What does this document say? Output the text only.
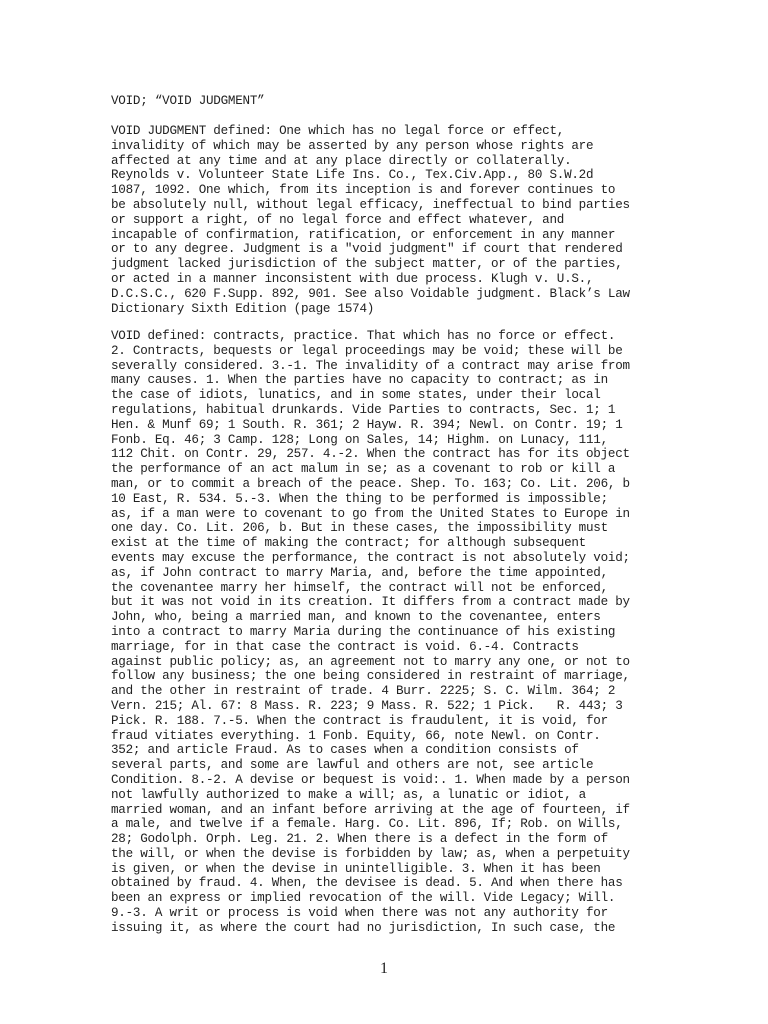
VOID; “VOID JUDGMENT”
VOID JUDGMENT defined: One which has no legal force or effect,
invalidity of which may be asserted by any person whose rights are
affected at any time and at any place directly or collaterally.
Reynolds v. Volunteer State Life Ins. Co., Tex.Civ.App., 80 S.W.2d
1087, 1092. One which, from its inception is and forever continues to
be absolutely null, without legal efficacy, ineffectual to bind parties
or support a right, of no legal force and effect whatever, and
incapable of confirmation, ratification, or enforcement in any manner
or to any degree. Judgment is a "void judgment" if court that rendered
judgment lacked jurisdiction of the subject matter, or of the parties,
or acted in a manner inconsistent with due process. Klugh v. U.S.,
D.C.S.C., 620 F.Supp. 892, 901. See also Voidable judgment. Black’s Law
Dictionary Sixth Edition (page 1574)
VOID defined: contracts, practice. That which has no force or effect.
2. Contracts, bequests or legal proceedings may be void; these will be
severally considered. 3.-1. The invalidity of a contract may arise from
many causes. 1. When the parties have no capacity to contract; as in
the case of idiots, lunatics, and in some states, under their local
regulations, habitual drunkards. Vide Parties to contracts, Sec. 1; 1
Hen. & Munf 69; 1 South. R. 361; 2 Hayw. R. 394; Newl. on Contr. 19; 1
Fonb. Eq. 46; 3 Camp. 128; Long on Sales, 14; Highm. on Lunacy, 111,
112 Chit. on Contr. 29, 257. 4.-2. When the contract has for its object
the performance of an act malum in se; as a covenant to rob or kill a
man, or to commit a breach of the peace. Shep. To. 163; Co. Lit. 206, b
10 East, R. 534. 5.-3. When the thing to be performed is impossible;
as, if a man were to covenant to go from the United States to Europe in
one day. Co. Lit. 206, b. But in these cases, the impossibility must
exist at the time of making the contract; for although subsequent
events may excuse the performance, the contract is not absolutely void;
as, if John contract to marry Maria, and, before the time appointed,
the covenantee marry her himself, the contract will not be enforced,
but it was not void in its creation. It differs from a contract made by
John, who, being a married man, and known to the covenantee, enters
into a contract to marry Maria during the continuance of his existing
marriage, for in that case the contract is void. 6.-4. Contracts
against public policy; as, an agreement not to marry any one, or not to
follow any business; the one being considered in restraint of marriage,
and the other in restraint of trade. 4 Burr. 2225; S. C. Wilm. 364; 2
Vern. 215; Al. 67: 8 Mass. R. 223; 9 Mass. R. 522; 1 Pick.   R. 443; 3
Pick. R. 188. 7.-5. When the contract is fraudulent, it is void, for
fraud vitiates everything. 1 Fonb. Equity, 66, note Newl. on Contr.
352; and article Fraud. As to cases when a condition consists of
several parts, and some are lawful and others are not, see article
Condition. 8.-2. A devise or bequest is void:. 1. When made by a person
not lawfully authorized to make a will; as, a lunatic or idiot, a
married woman, and an infant before arriving at the age of fourteen, if
a male, and twelve if a female. Harg. Co. Lit. 896, If; Rob. on Wills,
28; Godolph. Orph. Leg. 21. 2. When there is a defect in the form of
the will, or when the devise is forbidden by law; as, when a perpetuity
is given, or when the devise in unintelligible. 3. When it has been
obtained by fraud. 4. When, the devisee is dead. 5. And when there has
been an express or implied revocation of the will. Vide Legacy; Will.
9.-3. A writ or process is void when there was not any authority for
issuing it, as where the court had no jurisdiction, In such case, the
1
